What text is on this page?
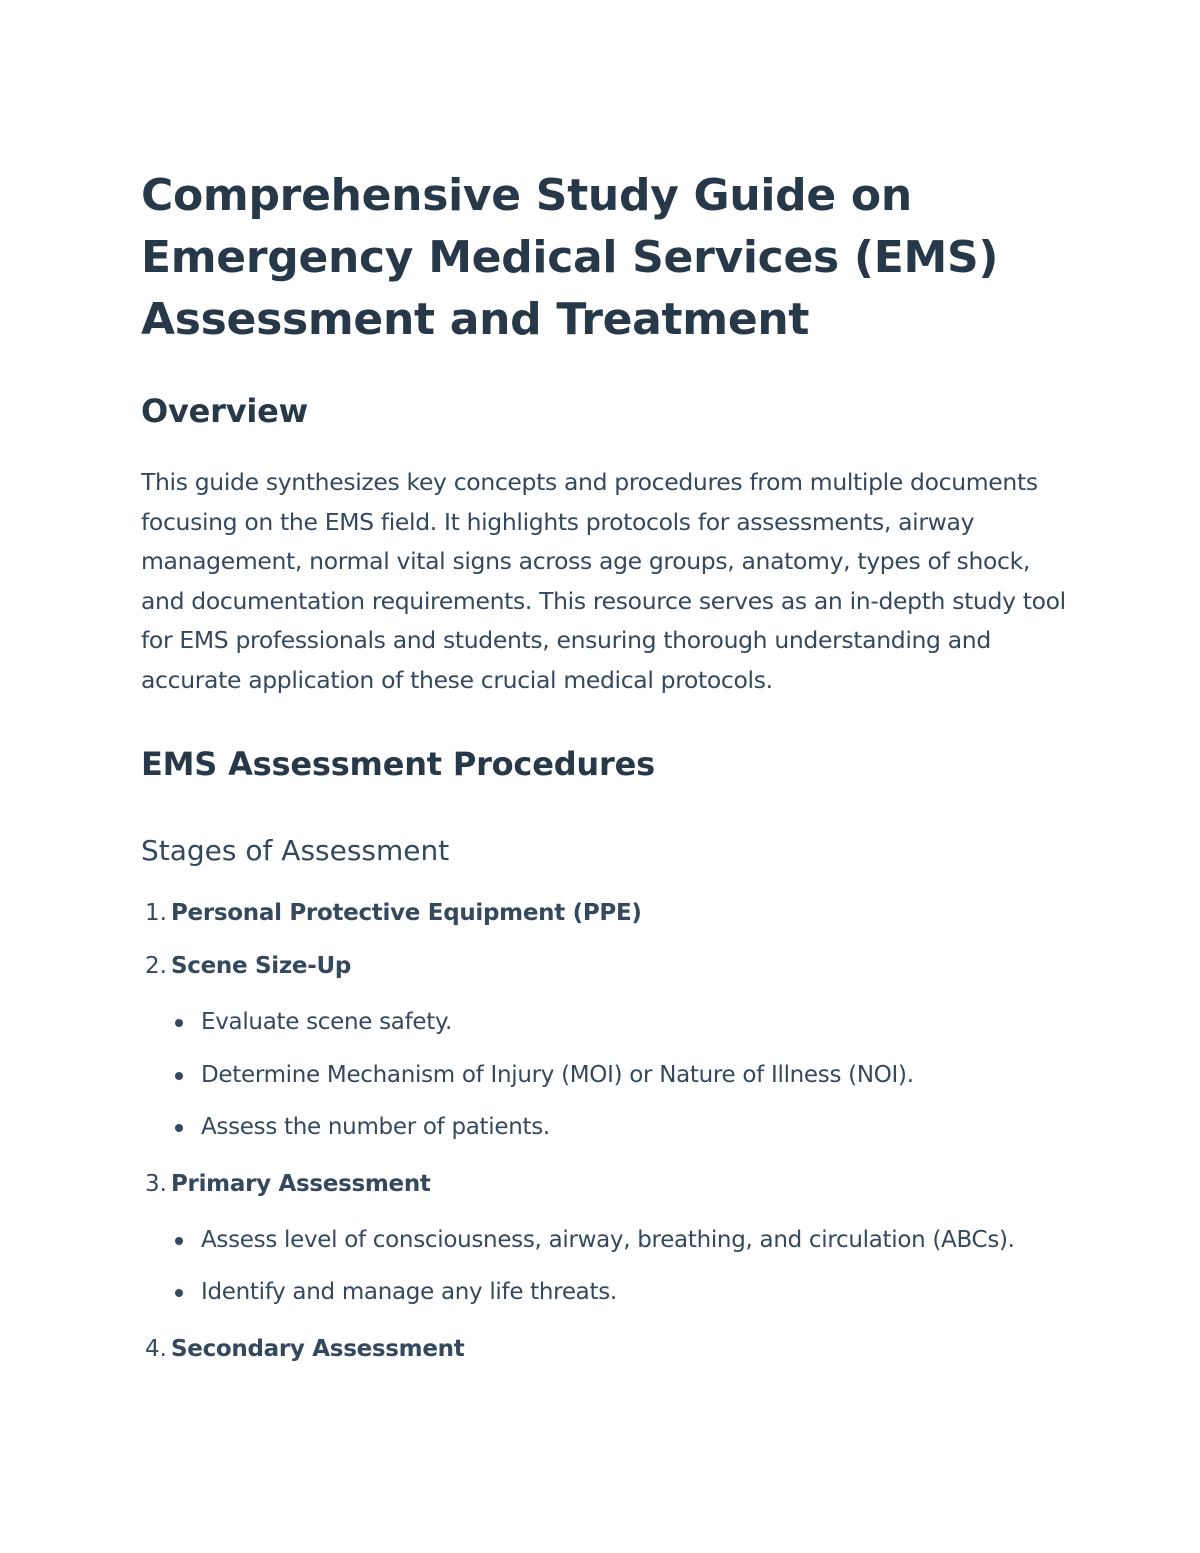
Comprehensive Study Guide on Emergency Medical Services (EMS) Assessment and Treatment
Overview

This guide synthesizes key concepts and procedures from multiple documents focusing on the EMS field. It highlights protocols for assessments, airway management, normal vital signs across age groups, anatomy, types of shock, and documentation requirements. This resource serves as an in-depth study tool for EMS professionals and students, ensuring thorough understanding and accurate application of these crucial medical protocols.

EMS Assessment Procedures
Stages of Assessment
1. Personal Protective Equipment (PPE)
2. Scene Size-Up
Evaluate scene safety.
Determine Mechanism of Injury (MOI) or Nature of Illness (NOI).
Assess the number of patients.
3. Primary Assessment
Assess level of consciousness, airway, breathing, and circulation (ABCs).
Identify and manage any life threats.
4. Secondary Assessment
